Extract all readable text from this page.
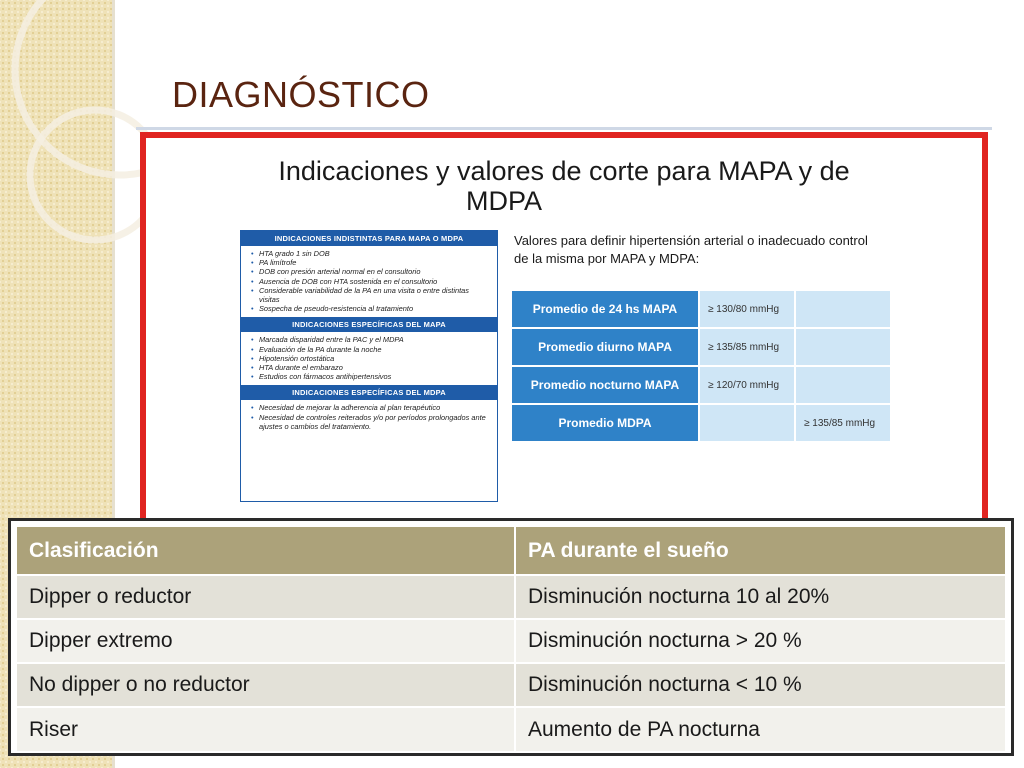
DIAGNÓSTICO
Indicaciones y valores de corte para MAPA y de
MDPA
INDICACIONES INDISTINTAS PARA MAPA O MDPA
• HTA grado 1 sin DOB
• PA limítrofe
• DOB con presión arterial normal en el consultorio
• Ausencia de DOB con HTA sostenida en el consultorio
• Considerable variabilidad de la PA en una visita o entre distintas visitas
• Sospecha de pseudo-resistencia al tratamiento
INDICACIONES ESPECÍFICAS DEL MAPA
• Marcada disparidad entre la PAC y el MDPA
• Evaluación de la PA durante la noche
• Hipotensión ortostática
• HTA durante el embarazo
• Estudios con fármacos antihipertensivos
INDICACIONES ESPECÍFICAS DEL MDPA
• Necesidad de mejorar la adherencia al plan terapéutico
• Necesidad de controles reiterados y/o por períodos prolongados ante ajustes o cambios del tratamiento.
Valores para definir hipertensión arterial o inadecuado control de la misma por MAPA y MDPA:
Promedio de 24 hs MAPA	≥ 130/80 mmHg	
Promedio diurno MAPA	≥ 135/85 mmHg	
Promedio nocturno MAPA	≥ 120/70 mmHg	
Promedio MDPA		≥ 135/85 mmHg
Clasificación	PA durante el sueño
Dipper o reductor	Disminución nocturna 10 al 20%
Dipper extremo	Disminución nocturna > 20 %
No dipper o no reductor	Disminución nocturna < 10 %
Riser	Aumento de PA nocturna
